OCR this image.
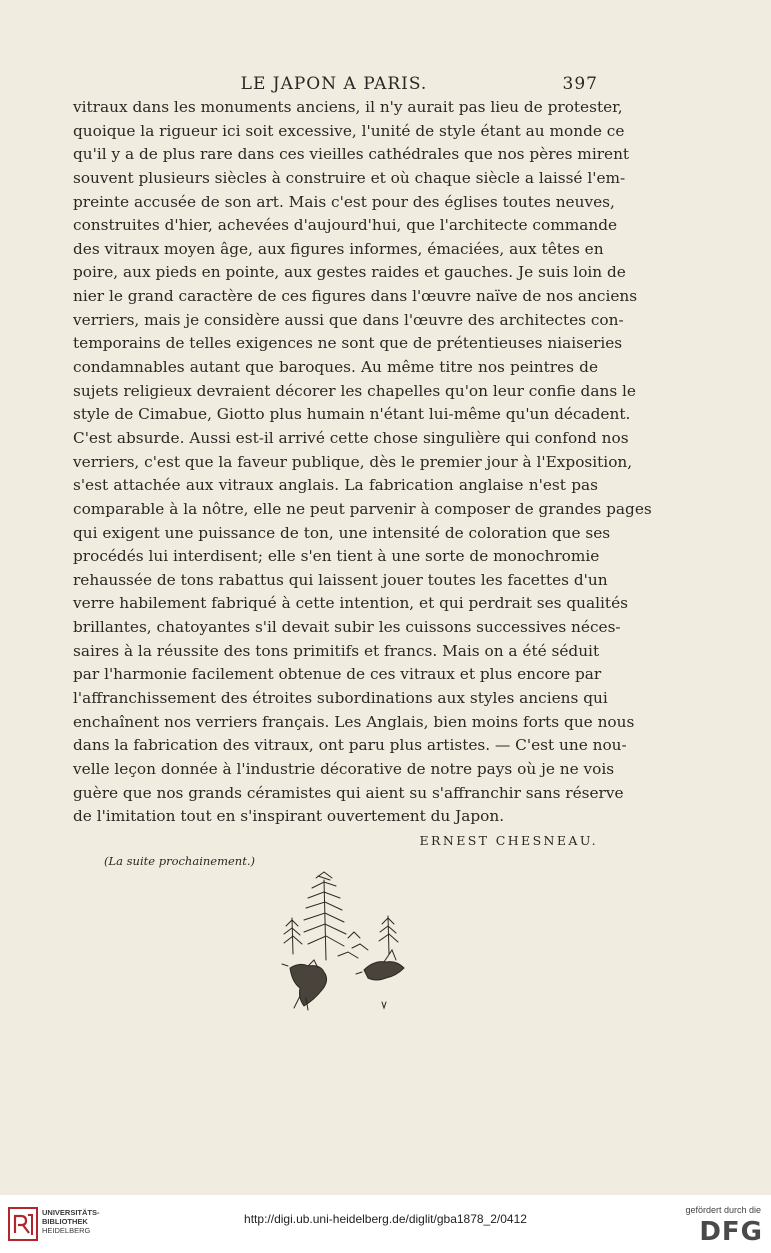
LE JAPON A PARIS.	397
vitraux dans les monuments anciens, il n'y aurait pas lieu de protester,
quoique la rigueur ici soit excessive, l'unité de style étant au monde ce
qu'il y a de plus rare dans ces vieilles cathédrales que nos pères mirent
souvent plusieurs siècles à construire et où chaque siècle a laissé l'em-
preinte accusée de son art. Mais c'est pour des églises toutes neuves,
construites d'hier, achevées d'aujourd'hui, que l'architecte commande
des vitraux moyen âge, aux figures informes, émaciées, aux têtes en
poire, aux pieds en pointe, aux gestes raides et gauches. Je suis loin de
nier le grand caractère de ces figures dans l'œuvre naïve de nos anciens
verriers, mais je considère aussi que dans l'œuvre des architectes con-
temporains de telles exigences ne sont que de prétentieuses niaiseries
condamnables autant que baroques. Au même titre nos peintres de
sujets religieux devraient décorer les chapelles qu'on leur confie dans le
style de Cimabue, Giotto plus humain n'étant lui-même qu'un décadent.
C'est absurde. Aussi est-il arrivé cette chose singulière qui confond nos
verriers, c'est que la faveur publique, dès le premier jour à l'Exposition,
s'est attachée aux vitraux anglais. La fabrication anglaise n'est pas
comparable à la nôtre, elle ne peut parvenir à composer de grandes pages
qui exigent une puissance de ton, une intensité de coloration que ses
procédés lui interdisent; elle s'en tient à une sorte de monochromie
rehaussée de tons rabattus qui laissent jouer toutes les facettes d'un
verre habilement fabriqué à cette intention, et qui perdrait ses qualités
brillantes, chatoyantes s'il devait subir les cuissons successives néces-
saires à la réussite des tons primitifs et francs. Mais on a été séduit
par l'harmonie facilement obtenue de ces vitraux et plus encore par
l'affranchissement des étroites subordinations aux styles anciens qui
enchaînent nos verriers français. Les Anglais, bien moins forts que nous
dans la fabrication des vitraux, ont paru plus artistes. — C'est une nou-
velle leçon donnée à l'industrie décorative de notre pays où je ne vois
guère que nos grands céramistes qui aient su s'affranchir sans réserve
de l'imitation tout en s'inspirant ouvertement du Japon.
ERNEST CHESNEAU.
(La suite prochainement.)
UNIVERSITÄTS-
BIBLIOTHEK
HEIDELBERG
http://digi.ub.uni-heidelberg.de/diglit/gba1878_2/0412
gefördert durch die
DFG
